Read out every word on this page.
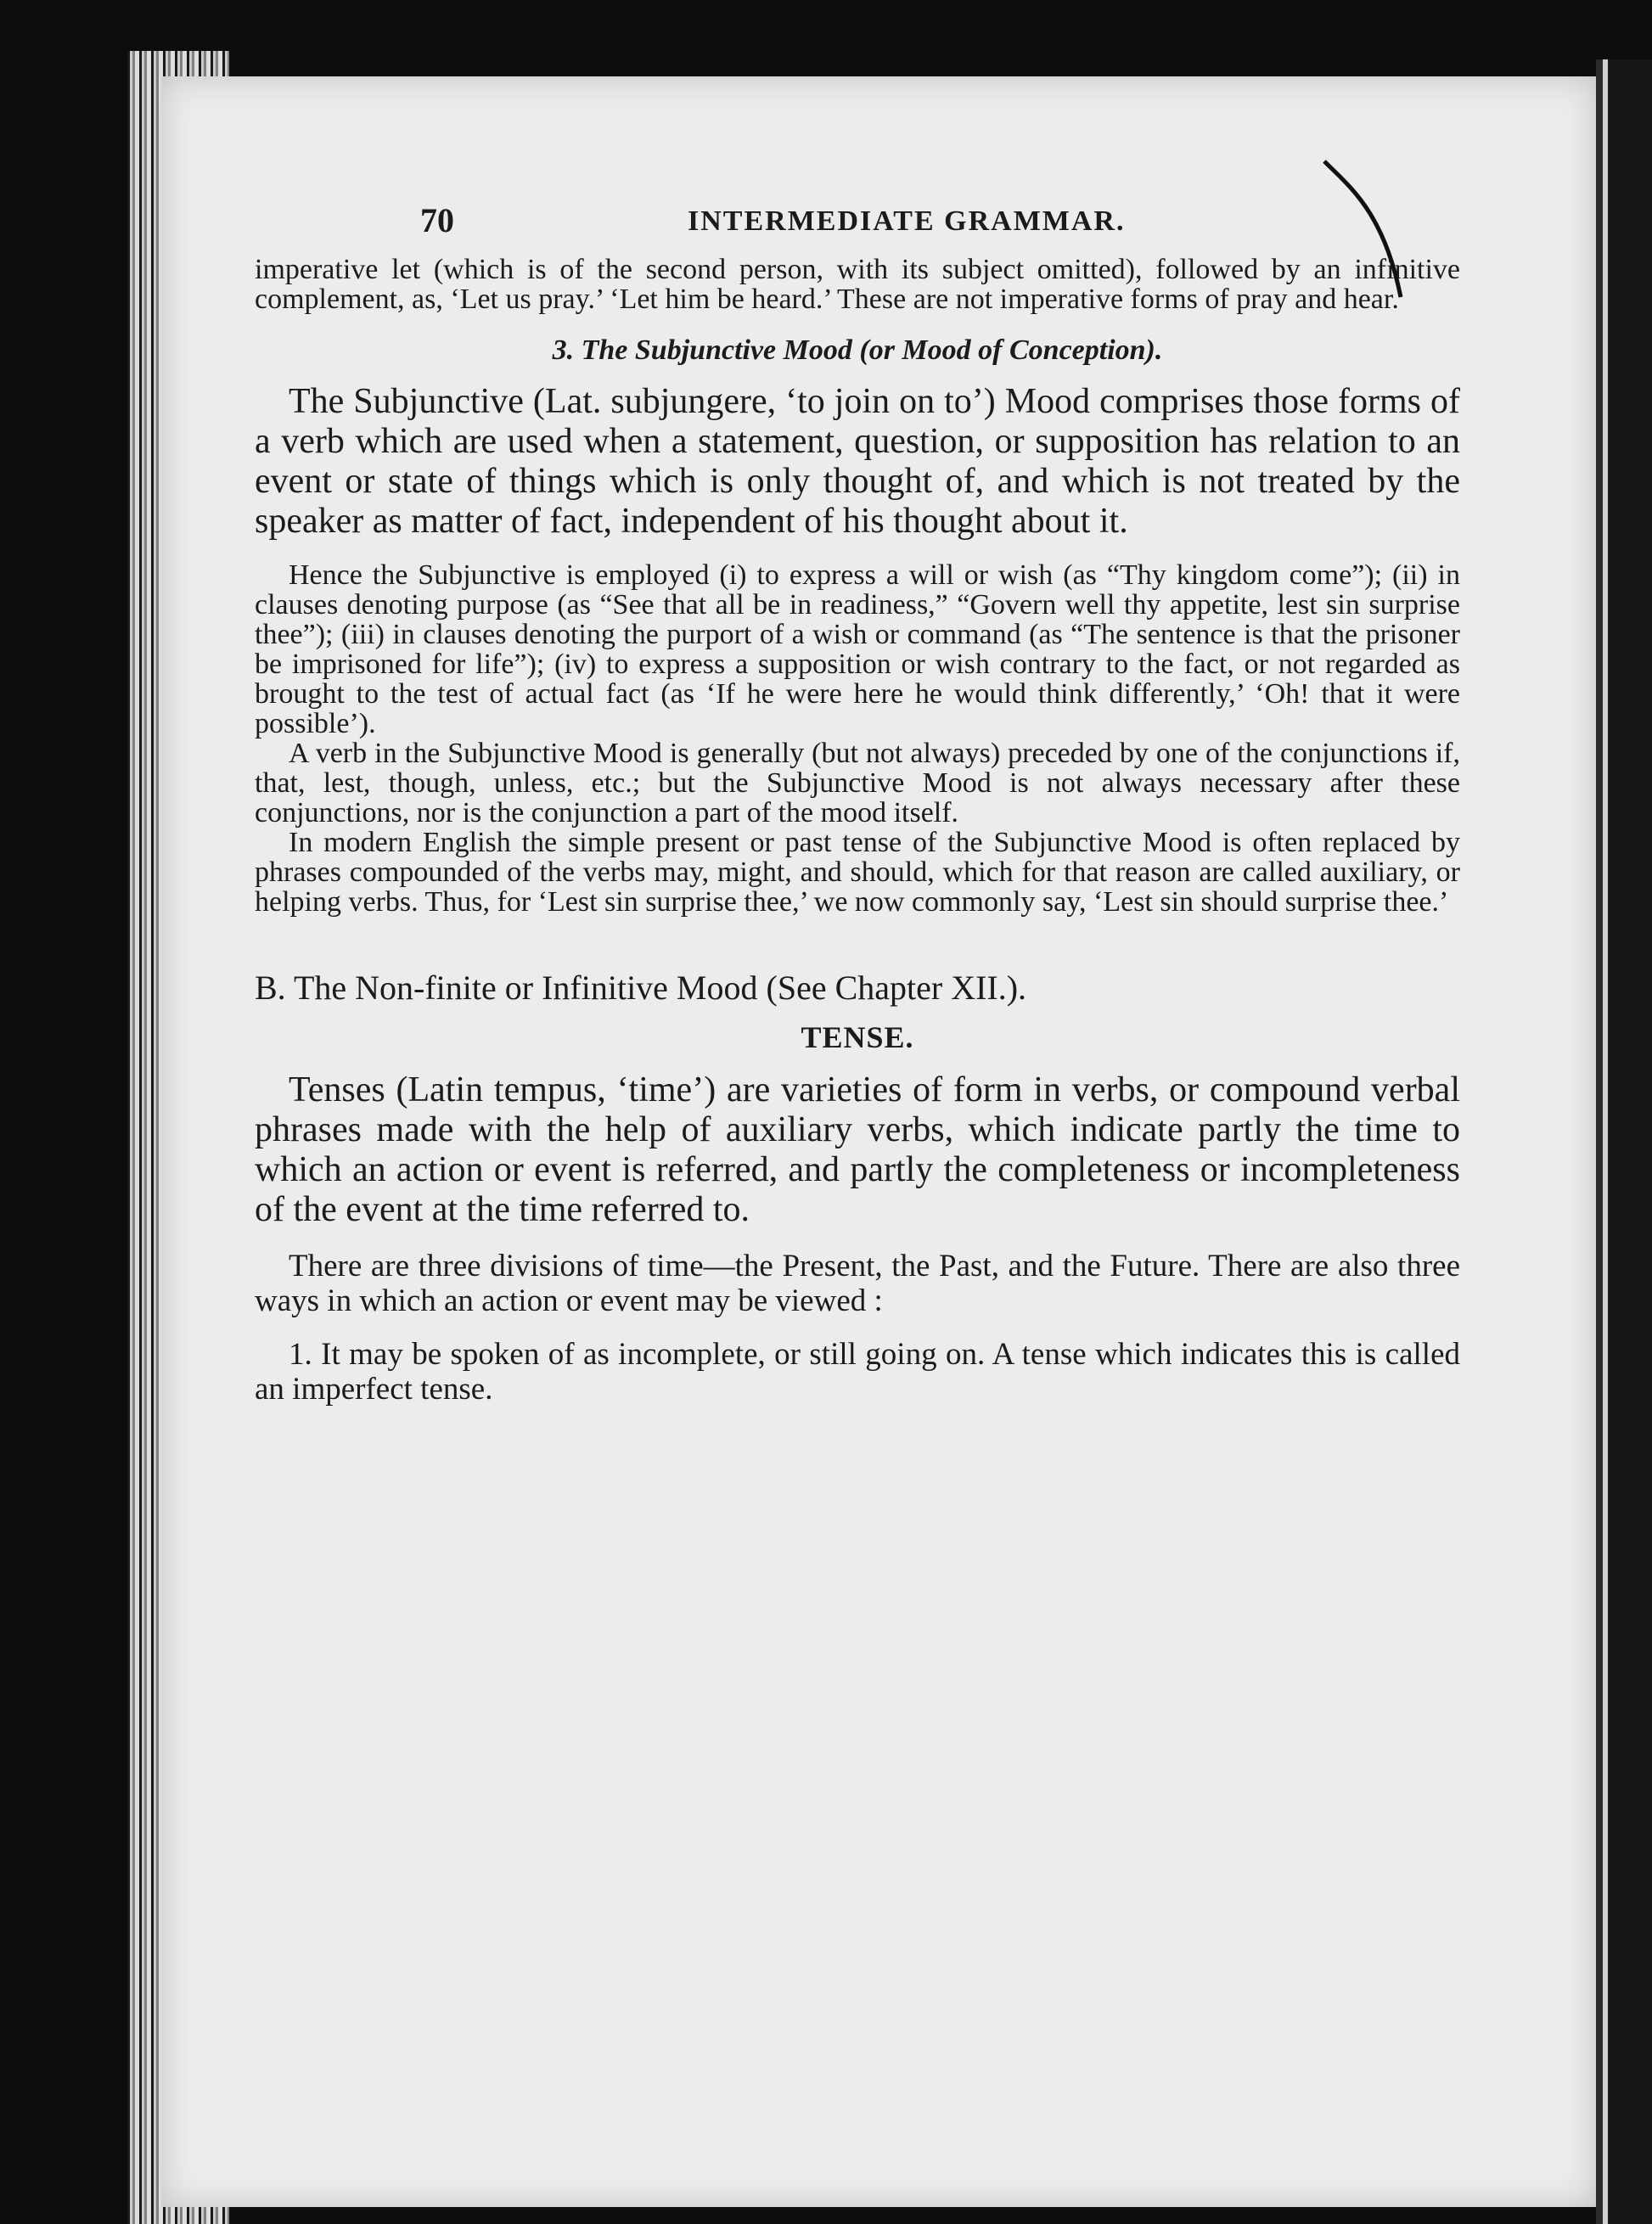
70	INTERMEDIATE GRAMMAR.

imperative let (which is of the second person, with its subject omitted), followed by an infinitive complement, as, ‘Let us pray.’ ‘Let him be heard.’ These are not imperative forms of pray and hear.

3. The Subjunctive Mood (or Mood of Conception).

The Subjunctive (Lat. subjungere, ‘to join on to’) Mood comprises those forms of a verb which are used when a statement, question, or supposition has relation to an event or state of things which is only thought of, and which is not treated by the speaker as matter of fact, independent of his thought about it.

Hence the Subjunctive is employed (i) to express a will or wish (as “Thy kingdom come”); (ii) in clauses denoting purpose (as “See that all be in readiness,” “Govern well thy appetite, lest sin surprise thee”); (iii) in clauses denoting the purport of a wish or command (as “The sentence is that the prisoner be imprisoned for life”); (iv) to express a supposition or wish contrary to the fact, or not regarded as brought to the test of actual fact (as ‘If he were here he would think differently,’ ‘Oh! that it were possible’).

A verb in the Subjunctive Mood is generally (but not always) preceded by one of the conjunctions if, that, lest, though, unless, etc.; but the Subjunctive Mood is not always necessary after these conjunctions, nor is the conjunction a part of the mood itself.

In modern English the simple present or past tense of the Subjunctive Mood is often replaced by phrases compounded of the verbs may, might, and should, which for that reason are called auxiliary, or helping verbs. Thus, for ‘Lest sin surprise thee,’ we now commonly say, ‘Lest sin should surprise thee.’

B. The Non-finite or Infinitive Mood (See Chapter XII.).

TENSE.

Tenses (Latin tempus, ‘time’) are varieties of form in verbs, or compound verbal phrases made with the help of auxiliary verbs, which indicate partly the time to which an action or event is referred, and partly the completeness or incompleteness of the event at the time referred to.

There are three divisions of time—the Present, the Past, and the Future. There are also three ways in which an action or event may be viewed :

1. It may be spoken of as incomplete, or still going on. A tense which indicates this is called an imperfect tense.
